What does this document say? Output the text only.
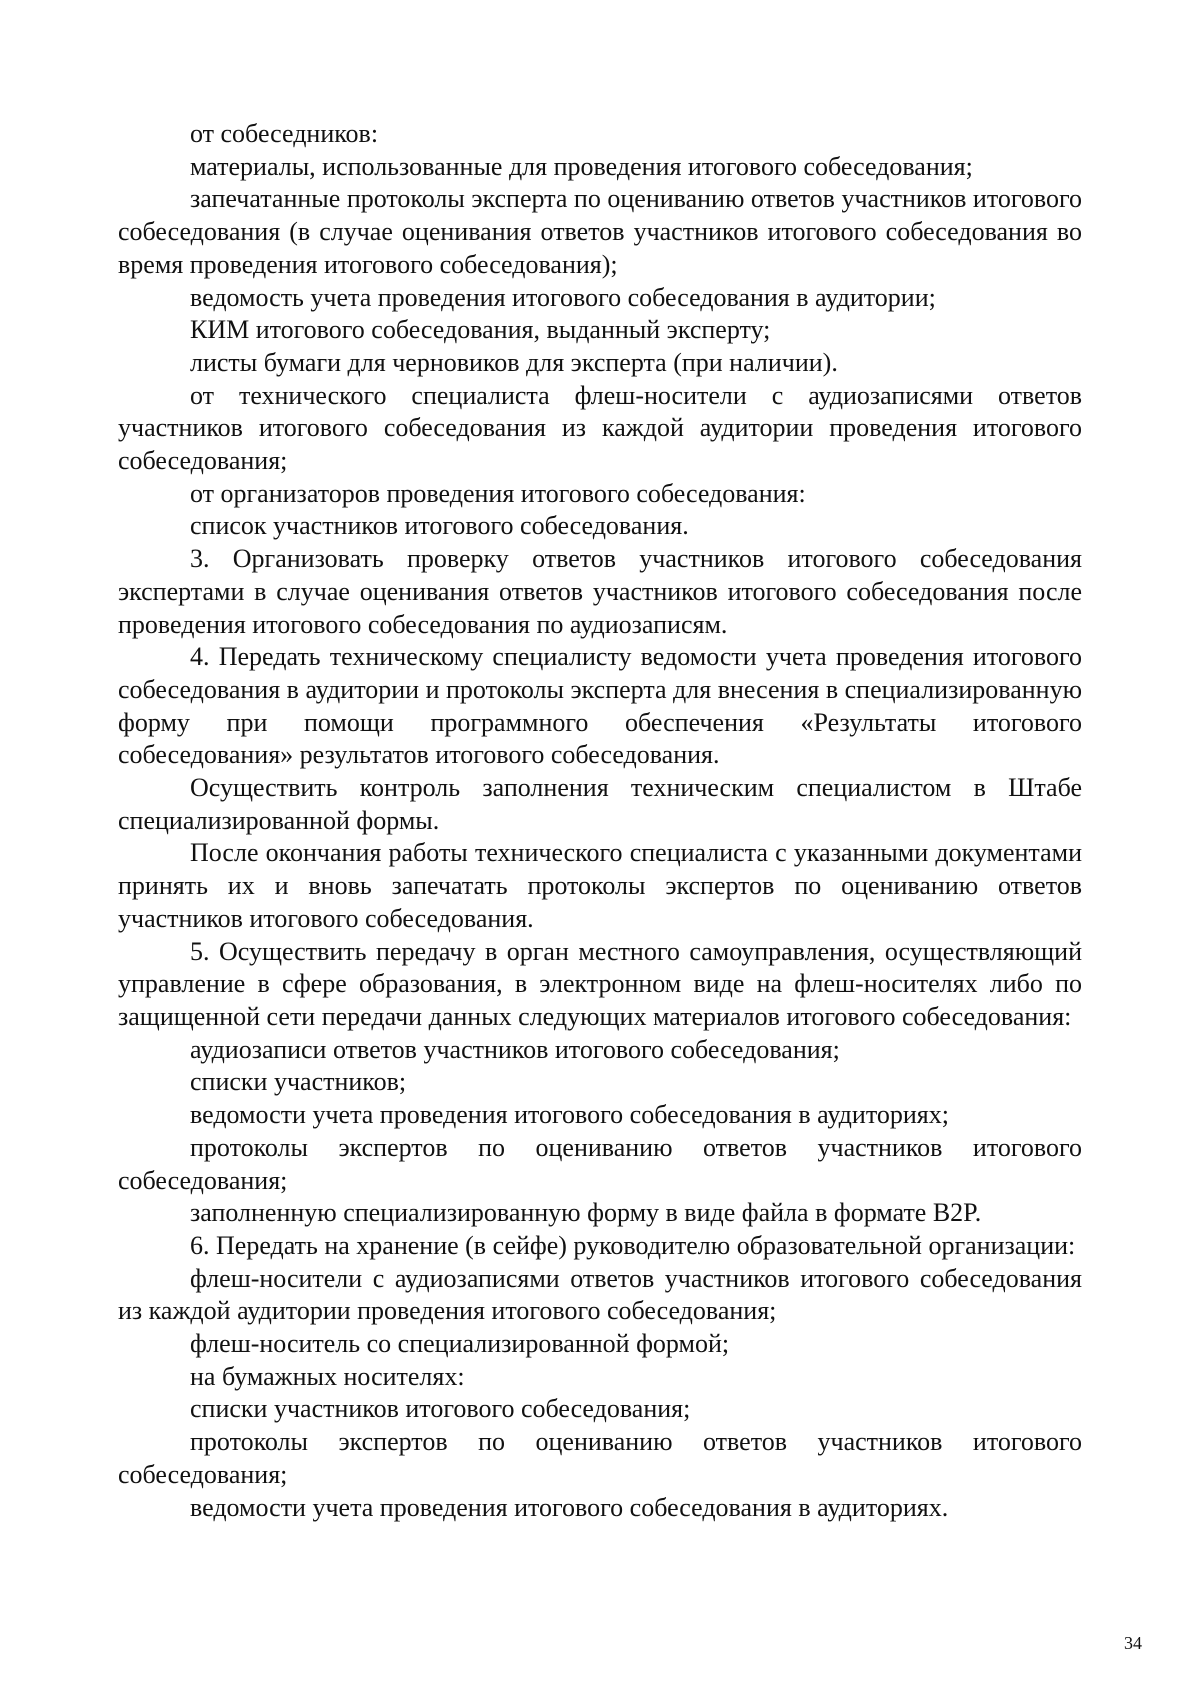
от собеседников:

материалы, использованные для проведения итогового собеседования;

запечатанные протоколы эксперта по оцениванию ответов участников итогового собеседования (в случае оценивания ответов участников итогового собеседования во время проведения итогового собеседования);

ведомость учета проведения итогового собеседования в аудитории;

КИМ итогового собеседования, выданный эксперту;

листы бумаги для черновиков для эксперта (при наличии).

от технического специалиста флеш-носители с аудиозаписями ответов участников итогового собеседования из каждой аудитории проведения итогового собеседования;

от организаторов проведения итогового собеседования:

список участников итогового собеседования.

3. Организовать проверку ответов участников итогового собеседования экспертами в случае оценивания ответов участников итогового собеседования после проведения итогового собеседования по аудиозаписям.

4. Передать техническому специалисту ведомости учета проведения итогового собеседования в аудитории и протоколы эксперта для внесения в специализированную форму при помощи программного обеспечения «Результаты итогового собеседования» результатов итогового собеседования.

Осуществить контроль заполнения техническим специалистом в Штабе специализированной формы.

После окончания работы технического специалиста с указанными документами принять их и вновь запечатать протоколы экспертов по оцениванию ответов участников итогового собеседования.

5. Осуществить передачу в орган местного самоуправления, осуществляющий управление в сфере образования, в электронном виде на флеш-носителях либо по защищенной сети передачи данных следующих материалов итогового собеседования:

аудиозаписи ответов участников итогового собеседования;

списки участников;

ведомости учета проведения итогового собеседования в аудиториях;

протоколы экспертов по оцениванию ответов участников итогового собеседования;

заполненную специализированную форму в виде файла в формате B2P.

6. Передать на хранение (в сейфе) руководителю образовательной организации:

флеш-носители с аудиозаписями ответов участников итогового собеседования из каждой аудитории проведения итогового собеседования;

флеш-носитель со специализированной формой;

на бумажных носителях:

списки участников итогового собеседования;

протоколы экспертов по оцениванию ответов участников итогового собеседования;

ведомости учета проведения итогового собеседования в аудиториях.

34
